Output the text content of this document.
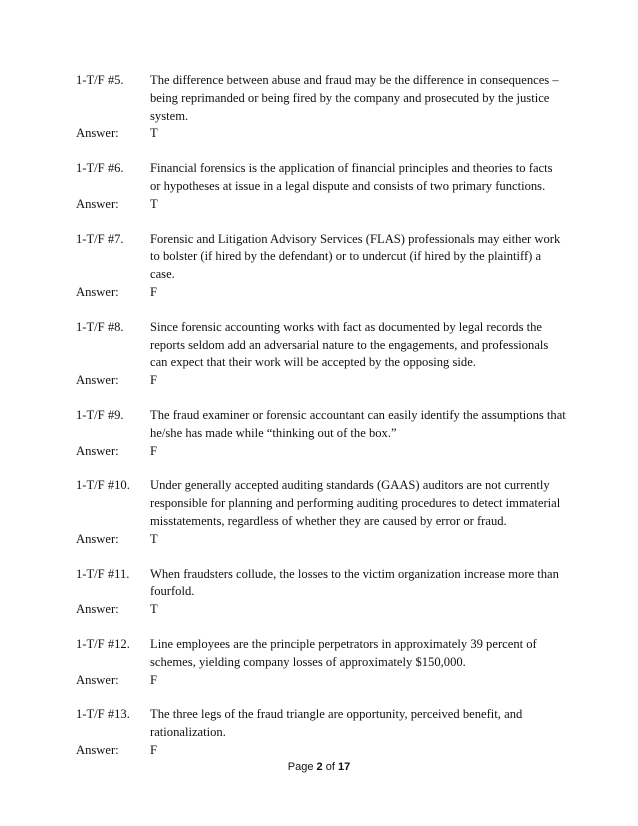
1-T/F #5.	The difference between abuse and fraud may be the difference in consequences – being reprimanded or being fired by the company and prosecuted by the justice system.
Answer:	T
1-T/F #6.	Financial forensics is the application of financial principles and theories to facts or hypotheses at issue in a legal dispute and consists of two primary functions.
Answer:	T
1-T/F #7.	Forensic and Litigation Advisory Services (FLAS) professionals may either work to bolster (if hired by the defendant) or to undercut (if hired by the plaintiff) a case.
Answer:	F
1-T/F #8.	Since forensic accounting works with fact as documented by legal records the reports seldom add an adversarial nature to the engagements, and professionals can expect that their work will be accepted by the opposing side.
Answer:	F
1-T/F #9.	The fraud examiner or forensic accountant can easily identify the assumptions that he/she has made while “thinking out of the box.”
Answer:	F
1-T/F #10.	Under generally accepted auditing standards (GAAS) auditors are not currently responsible for planning and performing auditing procedures to detect immaterial misstatements, regardless of whether they are caused by error or fraud.
Answer:	T
1-T/F #11.	When fraudsters collude, the losses to the victim organization increase more than fourfold.
Answer:	T
1-T/F #12.	Line employees are the principle perpetrators in approximately 39 percent of schemes, yielding company losses of approximately $150,000.
Answer:	F
1-T/F #13.	The three legs of the fraud triangle are opportunity, perceived benefit, and rationalization.
Answer:	F
Page 2 of 17
